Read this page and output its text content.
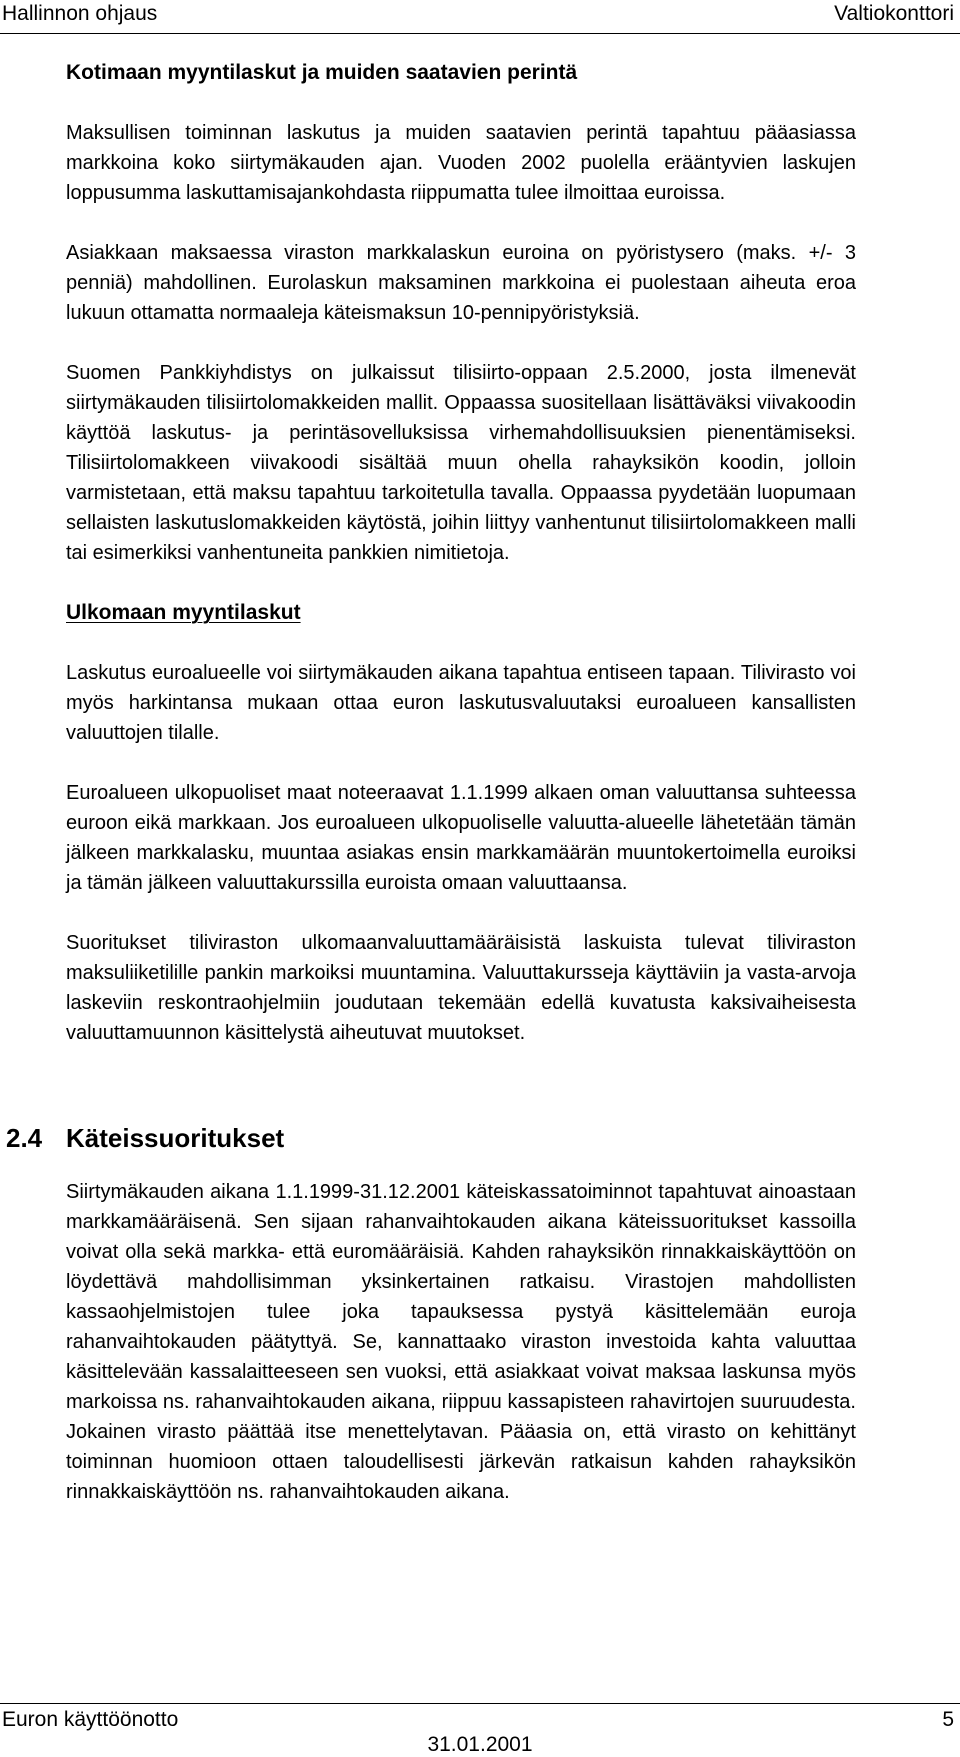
Hallinnon ohjaus	Valtiokonttori
Kotimaan myyntilaskut ja muiden saatavien perintä

Maksullisen toiminnan laskutus ja muiden saatavien perintä tapahtuu pääasiassa markkoina koko siirtymäkauden ajan. Vuoden 2002 puolella erääntyvien laskujen loppusumma laskuttamisajankohdasta riippumatta tulee ilmoittaa euroissa.

Asiakkaan maksaessa viraston markkalaskun euroina on pyöristysero (maks. +/- 3 penniä) mahdollinen. Eurolaskun maksaminen markkoina ei puolestaan aiheuta eroa lukuun ottamatta normaaleja käteismaksun 10-pennipyöristyksiä.

Suomen Pankkiyhdistys on julkaissut tilisiirto-oppaan 2.5.2000, josta ilmenevät siirtymäkauden tilisiirtolomakkeiden mallit. Oppaassa suositellaan lisättäväksi viivakoodin käyttöä laskutus- ja perintäsovelluksissa virhemahdollisuuksien pienentämiseksi. Tilisiirtolomakkeen viivakoodi sisältää muun ohella rahayksikön koodin, jolloin varmistetaan, että maksu tapahtuu tarkoitetulla tavalla. Oppaassa pyydetään luopumaan sellaisten laskutuslomakkeiden käytöstä, joihin liittyy vanhentunut tilisiirtolomakkeen malli tai esimerkiksi vanhentuneita pankkien nimitietoja.

Ulkomaan myyntilaskut

Laskutus euroalueelle voi siirtymäkauden aikana tapahtua entiseen tapaan. Tilivirasto voi myös harkintansa mukaan ottaa euron laskutusvaluutaksi euroalueen kansallisten valuuttojen tilalle.

Euroalueen ulkopuoliset maat noteeraavat 1.1.1999 alkaen oman valuuttansa suhteessa euroon eikä markkaan. Jos euroalueen ulkopuoliselle valuutta-alueelle lähetetään tämän jälkeen markkalasku, muuntaa asiakas ensin markkamäärän muuntokertoimella euroiksi ja tämän jälkeen valuuttakurssilla euroista omaan valuuttaansa.

Suoritukset tiliviraston ulkomaanvaluuttamääräisistä laskuista tulevat tiliviraston maksuliiketilille pankin markoiksi muuntamina. Valuuttakursseja käyttäviin ja vasta-arvoja laskeviin reskontraohjelmiin joudutaan tekemään edellä kuvatusta kaksivaiheisesta valuuttamuunnon käsittelystä aiheutuvat muutokset.

2.4 Käteissuoritukset

Siirtymäkauden aikana 1.1.1999-31.12.2001 käteiskassatoiminnot tapahtuvat ainoastaan markkamääräisenä. Sen sijaan rahanvaihtokauden aikana käteissuoritukset kassoilla voivat olla sekä markka- että euromääräisiä. Kahden rahayksikön rinnakkaiskäyttöön on löydettävä mahdollisimman yksinkertainen ratkaisu. Virastojen mahdollisten kassaohjelmistojen tulee joka tapauksessa pystyä käsittelemään euroja rahanvaihtokauden päätyttyä. Se, kannattaako viraston investoida kahta valuuttaa käsittelevään kassalaitteeseen sen vuoksi, että asiakkaat voivat maksaa laskunsa myös markoissa ns. rahanvaihtokauden aikana, riippuu kassapisteen rahavirtojen suuruudesta. Jokainen virasto päättää itse menettelytavan. Pääasia on, että virasto on kehittänyt toiminnan huomioon ottaen taloudellisesti järkevän ratkaisun kahden rahayksikön rinnakkaiskäyttöön ns. rahanvaihtokauden aikana.

Euron käyttöönotto	5
31.01.2001
